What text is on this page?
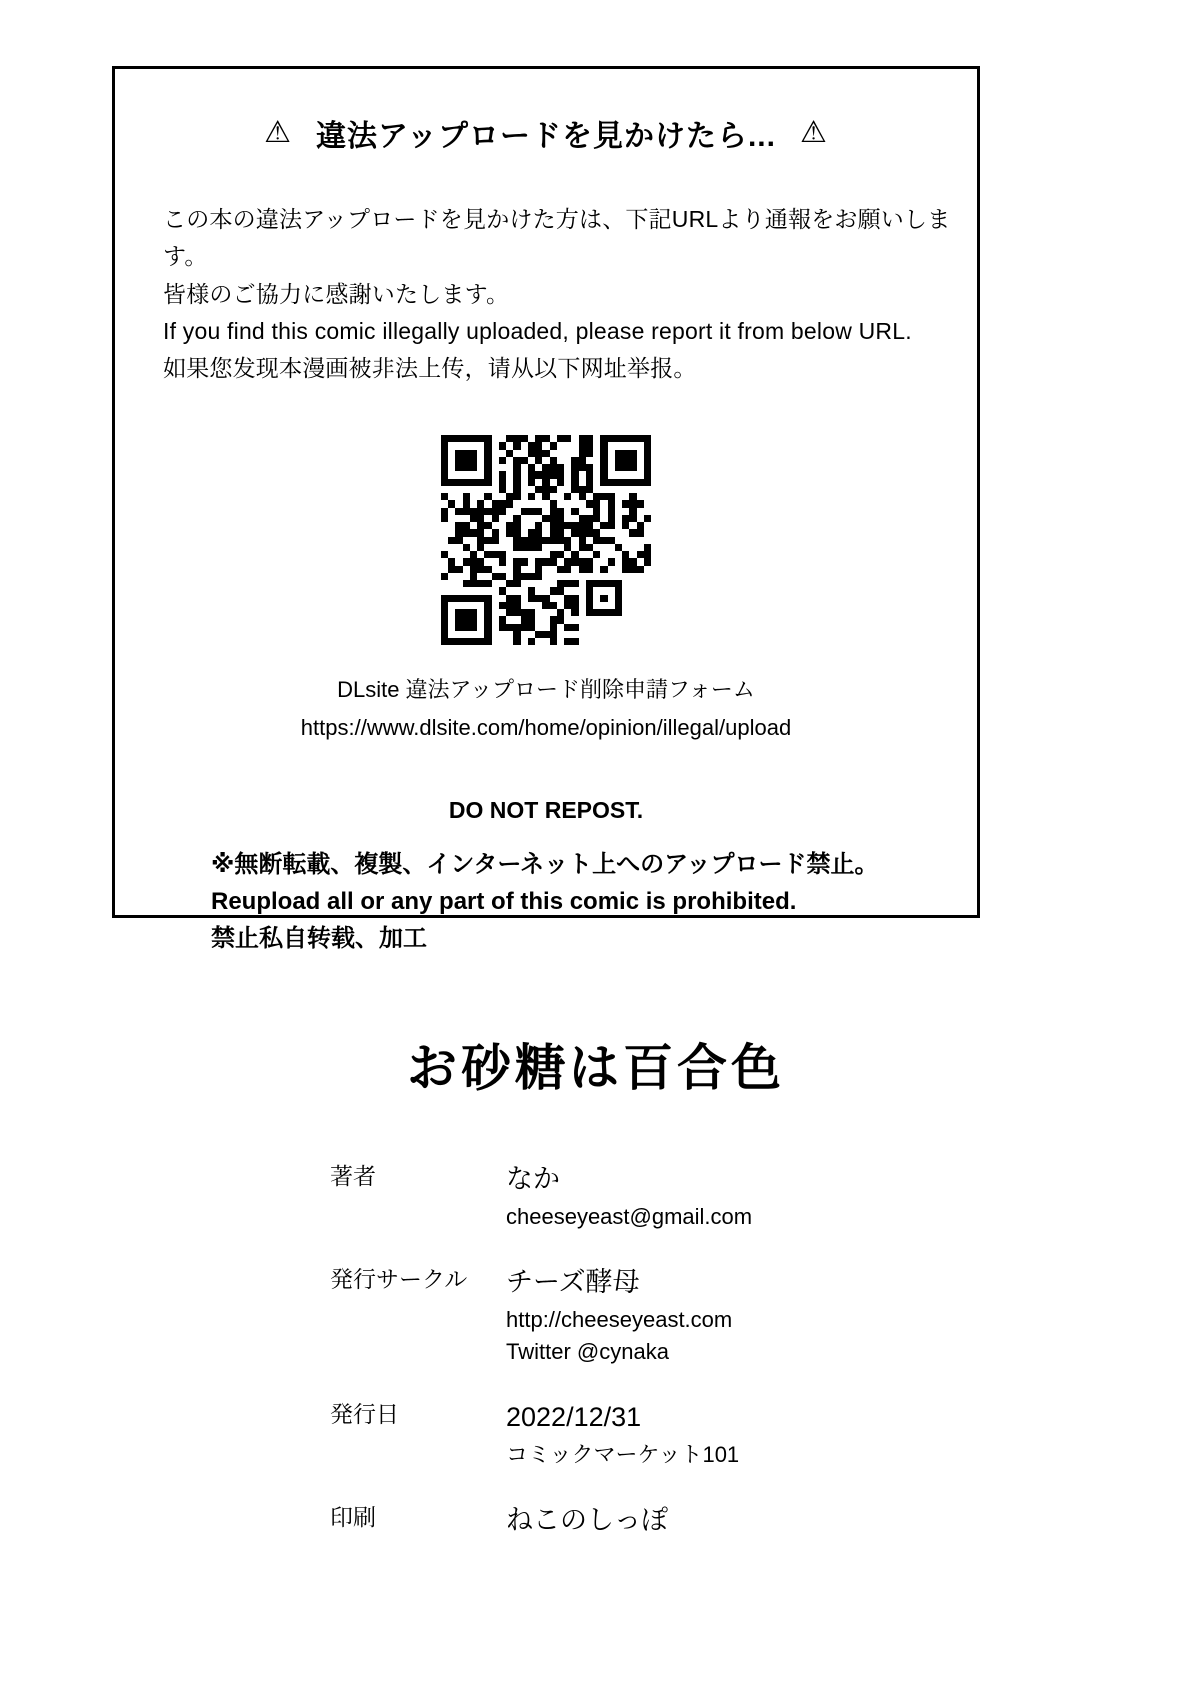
⚠ 違法アップロードを見かけたら... ⚠

この本の違法アップロードを見かけた方は、下記URLより通報をお願いします。

皆様のご協力に感謝いたします。

If you find this comic illegally uploaded, please report it from below URL.

如果您发现本漫画被非法上传，请从以下网址举报。

DLsite 違法アップロード削除申請フォーム
https://www.dlsite.com/home/opinion/illegal/upload
DO NOT REPOST.

※無断転載、複製、インターネット上へのアップロード禁止。

Reupload all or any part of this comic is prohibited.

禁止私自转载、加工

お砂糖は百合色
著者	なか
cheeseyeast@gmail.com
発行サークル	チーズ酵母
http://cheeseyeast.com
Twitter @cynaka
発行日	2022/12/31
コミックマーケット101
印刷	ねこのしっぽ
